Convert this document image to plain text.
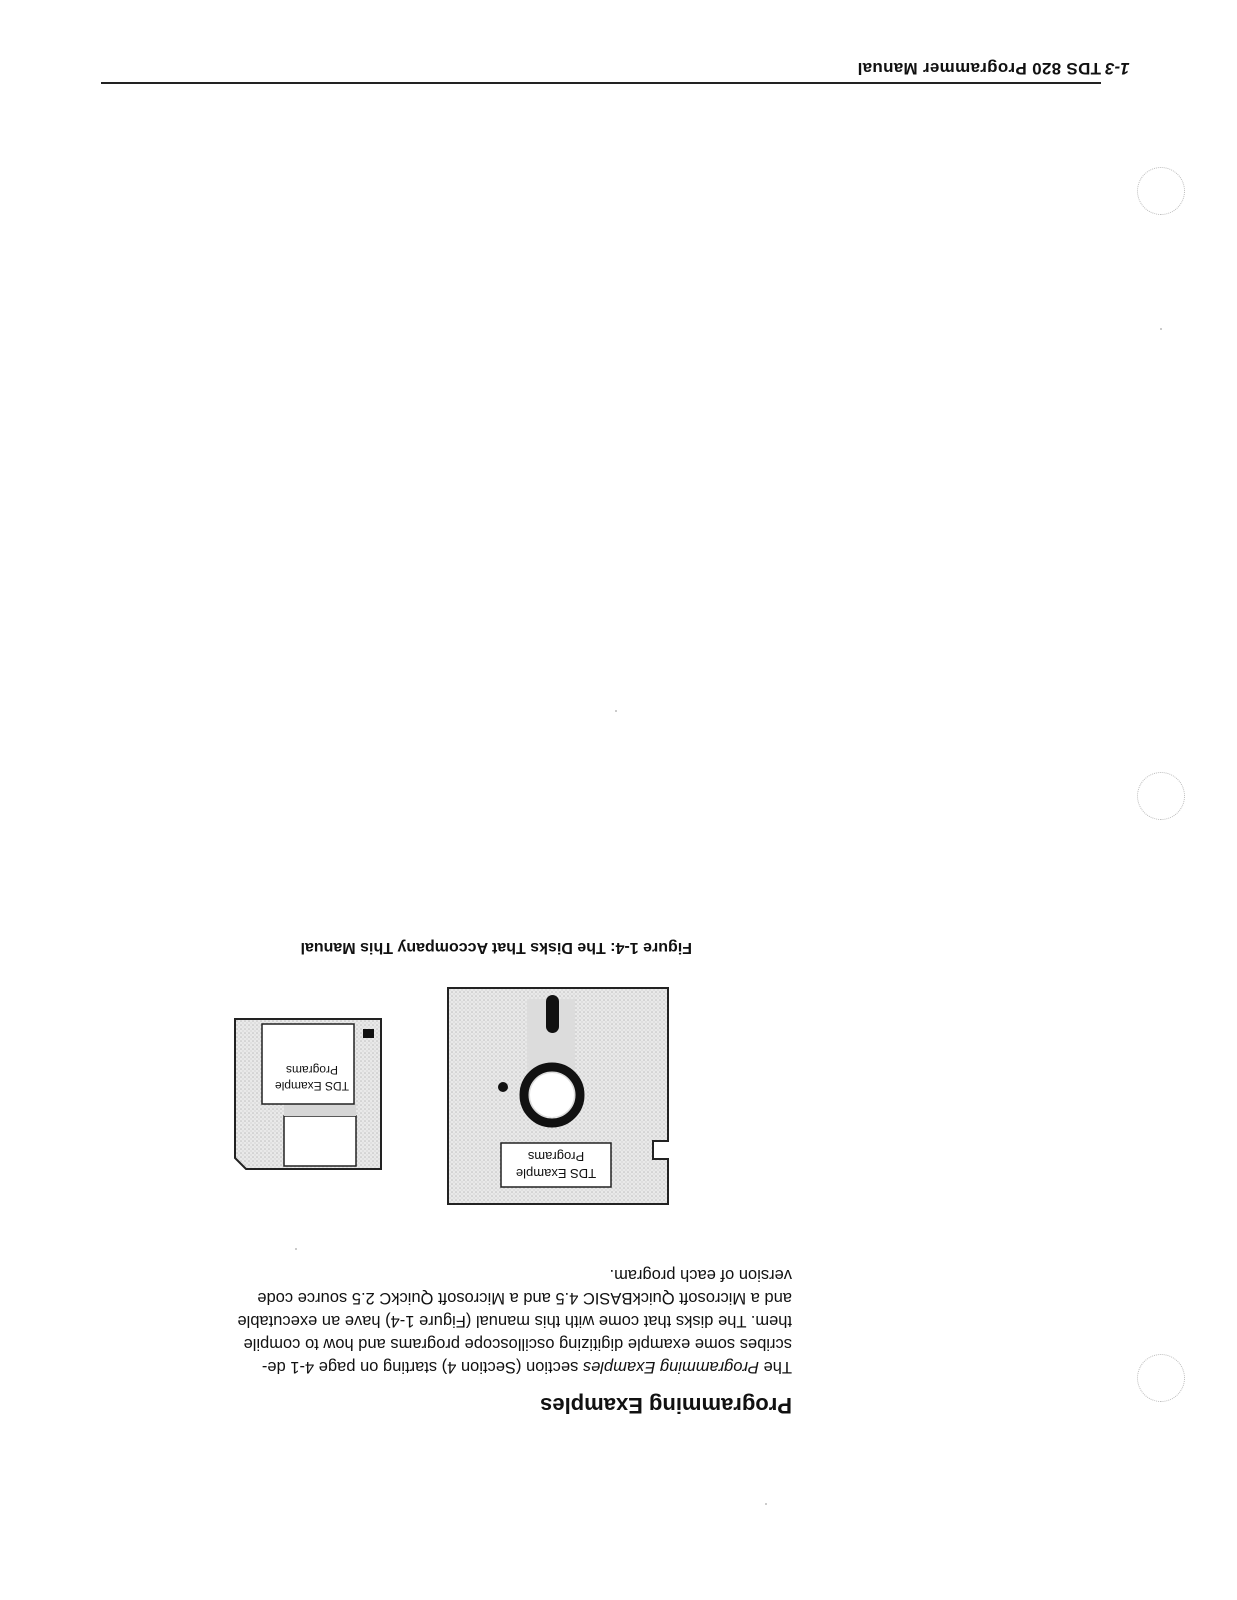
TDS 820 Programmer Manual 1-3
Programming Examples
The Programming Examples section (Section 4) starting on page 4-1 de-
scribes some example digitizing oscilloscope programs and how to compile
them. The disks that come with this manual (Figure 1-4) have an executable
and a Microsoft QuickBASIC 4.5 and a Microsoft QuickC 2.5 source code
version of each program.
TDS Example
Programs
TDS Example
Programs
Figure 1-4: The Disks That Accompany This Manual
